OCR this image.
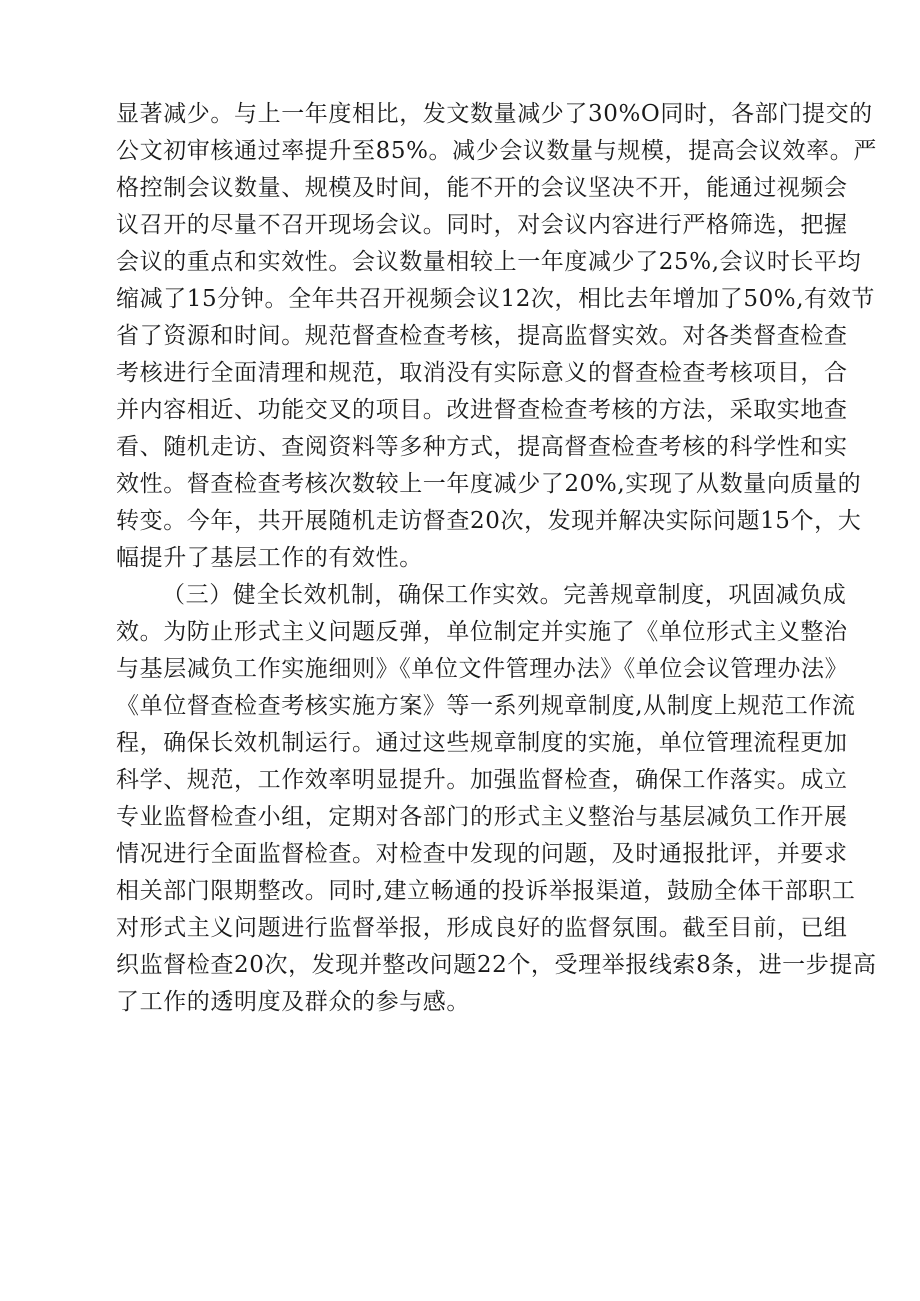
显著减少。与上一年度相比，发文数量减少了30%O同时，各部门提交的
公文初审核通过率提升至85%。减少会议数量与规模，提高会议效率。严
格控制会议数量、规模及时间，能不开的会议坚决不开，能通过视频会
议召开的尽量不召开现场会议。同时，对会议内容进行严格筛选，把握
会议的重点和实效性。会议数量相较上一年度减少了25%,会议时长平均
缩减了15分钟。全年共召开视频会议12次，相比去年增加了50%,有效节
省了资源和时间。规范督查检查考核，提高监督实效。对各类督查检查
考核进行全面清理和规范，取消没有实际意义的督查检查考核项目，合
并内容相近、功能交叉的项目。改进督查检查考核的方法，采取实地查
看、随机走访、查阅资料等多种方式，提高督查检查考核的科学性和实
效性。督查检查考核次数较上一年度减少了20%,实现了从数量向质量的
转变。今年，共开展随机走访督查20次，发现并解决实际问题15个，大
幅提升了基层工作的有效性。
（三）健全长效机制，确保工作实效。完善规章制度，巩固减负成
效。为防止形式主义问题反弹，单位制定并实施了《单位形式主义整治
与基层减负工作实施细则》《单位文件管理办法》《单位会议管理办法》
《单位督查检查考核实施方案》等一系列规章制度,从制度上规范工作流
程，确保长效机制运行。通过这些规章制度的实施，单位管理流程更加
科学、规范，工作效率明显提升。加强监督检查，确保工作落实。成立
专业监督检查小组，定期对各部门的形式主义整治与基层减负工作开展
情况进行全面监督检查。对检查中发现的问题，及时通报批评，并要求
相关部门限期整改。同时,建立畅通的投诉举报渠道，鼓励全体干部职工
对形式主义问题进行监督举报，形成良好的监督氛围。截至目前，已组
织监督检查20次，发现并整改问题22个，受理举报线索8条，进一步提高
了工作的透明度及群众的参与感。
